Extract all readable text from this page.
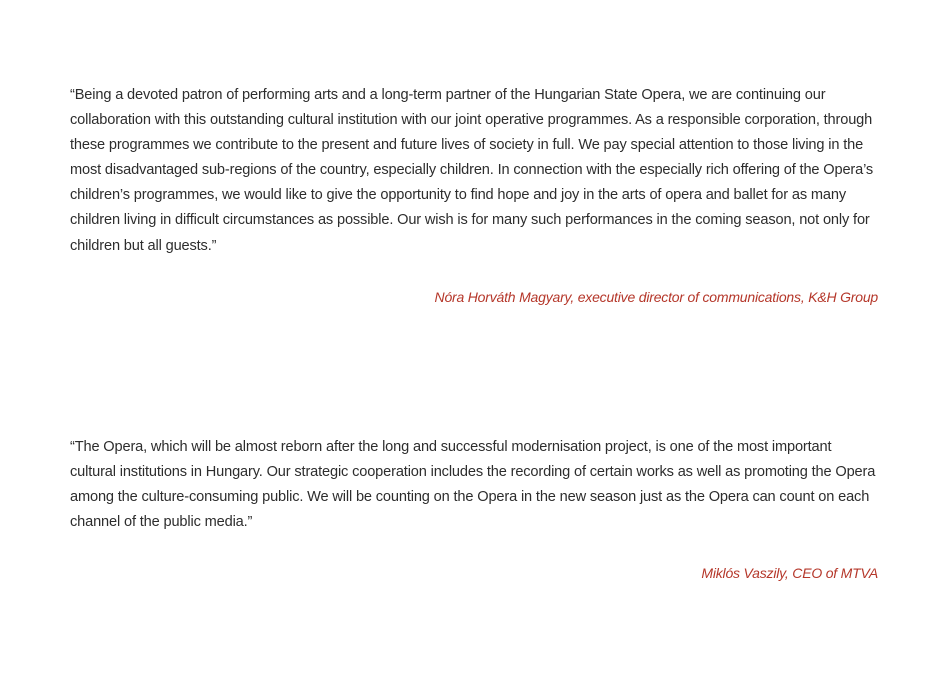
“Being a devoted patron of performing arts and a long-term partner of the Hungarian State Opera, we are continuing our collaboration with this outstanding cultural institution with our joint operative programmes. As a responsible corporation, through these programmes we contribute to the present and future lives of society in full. We pay special attention to those living in the most disadvantaged sub-regions of the country, especially children. In connection with the especially rich offering of the Opera’s children’s programmes, we would like to give the opportunity to find hope and joy in the arts of opera and ballet for as many children living in difficult circumstances as possible. Our wish is for many such performances in the coming season, not only for children but all guests.”

Nóra Horváth Magyary, executive director of communications, K&H Group

“The Opera, which will be almost reborn after the long and successful modernisation project, is one of the most important cultural institutions in Hungary. Our strategic cooperation includes the recording of certain works as well as promoting the Opera among the culture-consuming public. We will be counting on the Opera in the new season just as the Opera can count on each channel of the public media.”

Miklós Vaszily, CEO of MTVA
